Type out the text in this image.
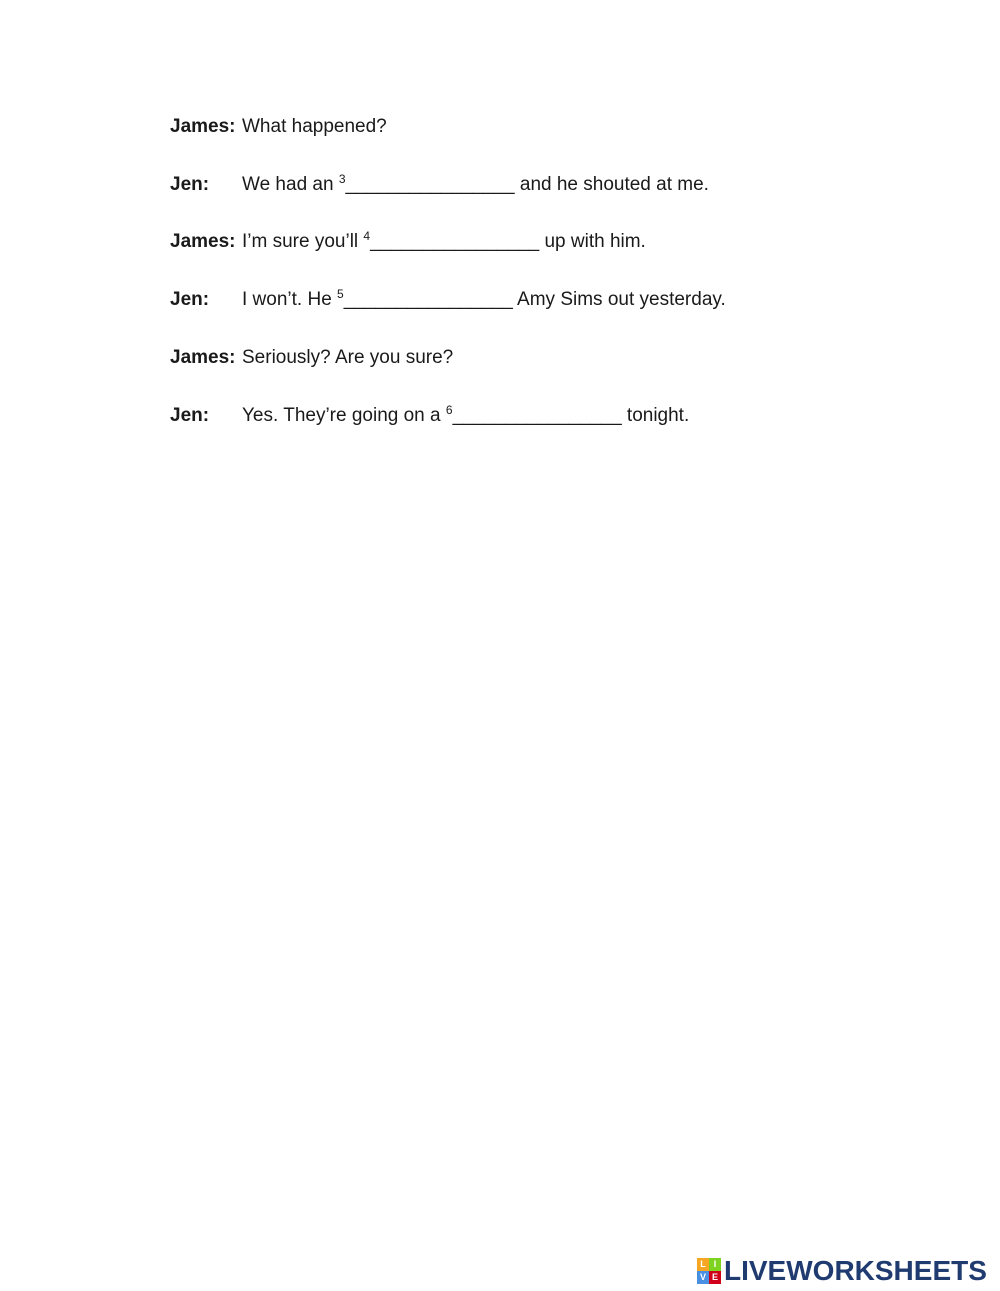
James: What happened?
Jen: We had an $^3$________________ and he shouted at me.
James: I’m sure you’ll $^4$________________ up with him.
Jen: I won’t. He $^5$________________ Amy Sims out yesterday.
James: Seriously? Are you sure?
Jen: Yes. They’re going on a $^6$________________ tonight.
L I
V E LIVEWORKSHEETS
